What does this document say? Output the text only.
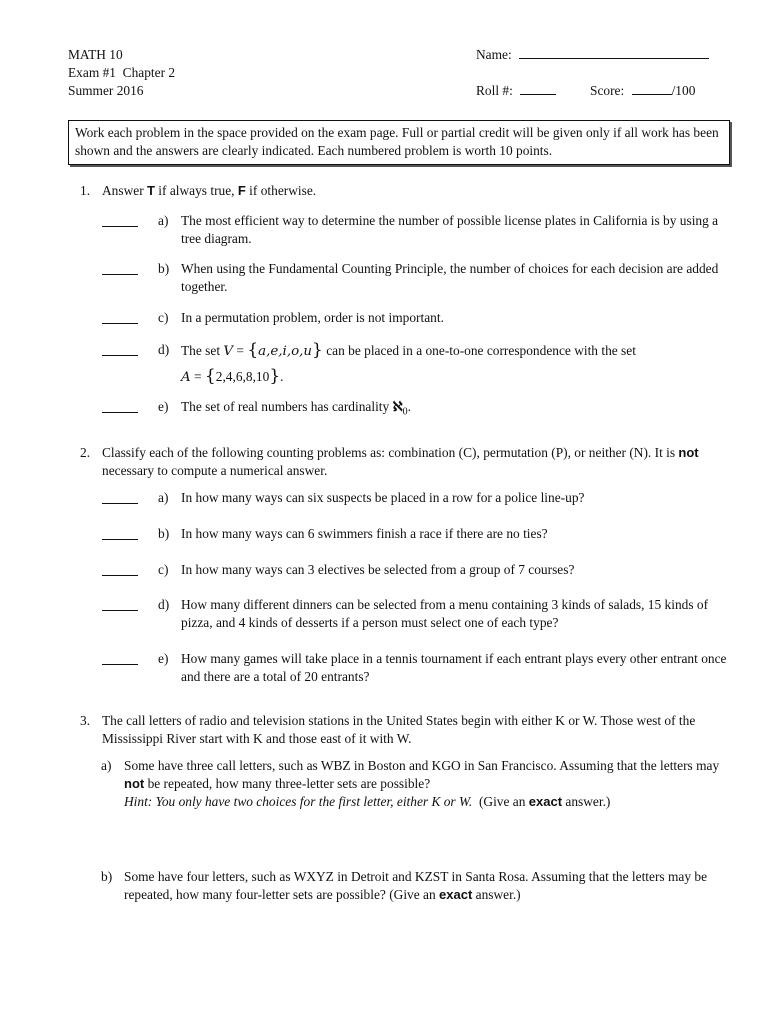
MATH 10
Exam #1  Chapter 2
Summer 2016
Name:
Roll #:	Score:	/100
Work each problem in the space provided on the exam page. Full or partial credit will be given only if all work has been shown and the answers are clearly indicated. Each numbered problem is worth 10 points.
1. Answer T if always true, F if otherwise.
a) The most efficient way to determine the number of possible license plates in California is by using a tree diagram.
b) When using the Fundamental Counting Principle, the number of choices for each decision are added together.
c) In a permutation problem, order is not important.
d) The set V = {a,e,i,o,u} can be placed in a one-to-one correspondence with the set
A = {2,4,6,8,10}.
e) The set of real numbers has cardinality ℵ$_0$.
2. Classify each of the following counting problems as: combination (C), permutation (P), or neither (N). It is not necessary to compute a numerical answer.
a) In how many ways can six suspects be placed in a row for a police line-up?
b) In how many ways can 6 swimmers finish a race if there are no ties?
c) In how many ways can 3 electives be selected from a group of 7 courses?
d) How many different dinners can be selected from a menu containing 3 kinds of salads, 15 kinds of pizza, and 4 kinds of desserts if a person must select one of each type?
e) How many games will take place in a tennis tournament if each entrant plays every other entrant once and there are a total of 20 entrants?
3. The call letters of radio and television stations in the United States begin with either K or W. Those west of the Mississippi River start with K and those east of it with W.
a) Some have three call letters, such as WBZ in Boston and KGO in San Francisco. Assuming that the letters may not be repeated, how many three-letter sets are possible?
Hint: You only have two choices for the first letter, either K or W.  (Give an exact answer.)
b) Some have four letters, such as WXYZ in Detroit and KZST in Santa Rosa. Assuming that the letters may be repeated, how many four-letter sets are possible? (Give an exact answer.)
